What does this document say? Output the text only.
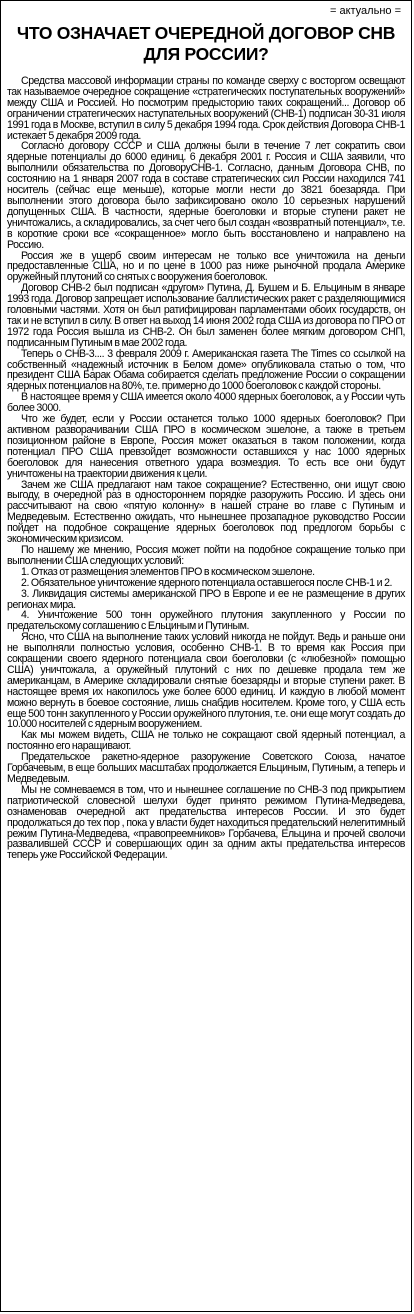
= актуально =
ЧТО ОЗНАЧАЕТ ОЧЕРЕДНОЙ ДОГОВОР СНВ ДЛЯ РОССИИ?

Средства массовой информации страны по команде сверху с восторгом освещают так называемое очередное сокращение «стратегических поступательных вооружений» между США и Россией. Но посмотрим предысторию таких сокращений... Договор об ограничении стратегических наступательных вооружений (СНВ-1) подписан 30-31 июля 1991 года в Москве, вступил в силу 5 декабря 1994 года. Срок действия Договора СНВ-1 истекает 5 декабря 2009 года.

Согласно договору СССР и США должны были в течение 7 лет сократить свои ядерные потенциалы до 6000 единиц. 6 декабря 2001 г. Россия и США заявили, что выполнили обязательства по ДоговоруСНВ-1. Согласно, данным Договора СНВ, по состоянию на 1 января 2007 года в составе стратегических сил России находился 741 носитель (сейчас еще меньше), которые могли нести до 3821 боезаряда. При выполнении этого договора было зафиксировано около 10 серьезных нарушений допущенных США. В частности, ядерные боеголовки и вторые ступени ракет не уничтожались, а складировались, за счет чего был создан «возвратный потенциал», т.е. в короткие сроки все «сокращенное» могло быть восстановлено и направлено на Россию.

Россия же в ущерб своим интересам не только все уничтожила на деньги предоставленные США, но и по цене в 1000 раз ниже рыночной продала Америке оружейный плутоний со снятых с вооружения боеголовок.

Договор СНВ-2 был подписан «другом» Путина, Д. Бушем и Б. Ельциным в январе 1993 года. Договор запрещает использование баллистических ракет с разделяющимися головными частями. Хотя он был ратифицирован парламентами обоих государств, он так и не вступил в силу. В ответ на выход 14 июня 2002 года США из договора по ПРО от 1972 года Россия вышла из СНВ-2. Он был заменен более мягким договором СНП, подписанным Путиным в мае 2002 года.

Теперь о СНВ-3.... 3 февраля 2009 г. Американская газета The Times со ссылкой на собственный «надежный источник в Белом доме» опубликовала статью о том, что президент США Барак Обама собирается сделать предложение России о сокращении ядерных потенциалов на 80%, т.е. примерно до 1000 боеголовок с каждой стороны.

В настоящее время у США имеется около 4000 ядерных боеголовок, а у России чуть более 3000.

Что же будет, если у России останется только 1000 ядерных боеголовок? При активном разворачивании США ПРО в космическом эшелоне, а также в третьем позиционном районе в Европе, Россия может оказаться в таком положении, когда потенциал ПРО США превзойдет возможности оставшихся у нас 1000 ядерных боеголовок для нанесения ответного удара возмездия. То есть все они будут уничтожены на траектории движения к цели.

Зачем же США предлагают нам такое сокращение? Естественно, они ищут свою выгоду, в очередной раз в одностороннем порядке разоружить Россию. И здесь они рассчитывают на свою «пятую колонну» в нашей стране во главе с Путиным и Медведевым. Естественно ожидать, что нынешнее прозападное руководство России пойдет на подобное сокращение ядерных боеголовок под предлогом борьбы с экономическим кризисом.

По нашему же мнению, Россия может пойти на подобное сокращение только при выполнении США следующих условий:

1. Отказ от размещения элементов ПРО в космическом эшелоне.

2. Обязательное уничтожение ядерного потенциала оставшегося после СНВ-1 и 2.

3. Ликвидация системы американской ПРО в Европе и ее не размещение в других регионах мира.

4. Уничтожение 500 тонн оружейного плутония закупленного у России по предательскому соглашению с Ельциным и Путиным.

Ясно, что США на выполнение таких условий никогда не пойдут. Ведь и раньше они не выполняли полностью условия, особенно СНВ-1. В то время как Россия при сокращении своего ядерного потенциала свои боеголовки (с «любезной» помощью США) уничтожала, а оружейный плутоний с них по дешевке продала тем же американцам, в Америке складировали снятые боезаряды и вторые ступени ракет. В настоящее время их накопилось уже более 6000 единиц. И каждую в любой момент можно вернуть в боевое состояние, лишь снабдив носителем. Кроме того, у США есть еще 500 тонн закупленного у России оружейного плутония, т.е. они еще могут создать до 10.000 носителей с ядерным вооружением.

Как мы можем видеть, США не только не сокращают свой ядерный потенциал, а постоянно его наращивают.

Предательское ракетно-ядерное разоружение Советского Союза, начатое Горбачевым, в еще больших масштабах продолжается Ельциным, Путиным, а теперь и Медведевым.

Мы не сомневаемся в том, что и нынешнее соглашение по СНВ-3 под прикрытием патриотической словесной шелухи будет принято режимом Путина-Медведева, ознаменовав очередной акт предательства интересов России. И это будет продолжаться до тех пор , пока у власти будет находиться предательский нелегитимный режим Путина-Медведева, «правопреемников» Горбачева, Ельцина и прочей сволочи развалившей СССР и совершающих один за одним акты предательства интересов теперь уже Российской Федерации.
